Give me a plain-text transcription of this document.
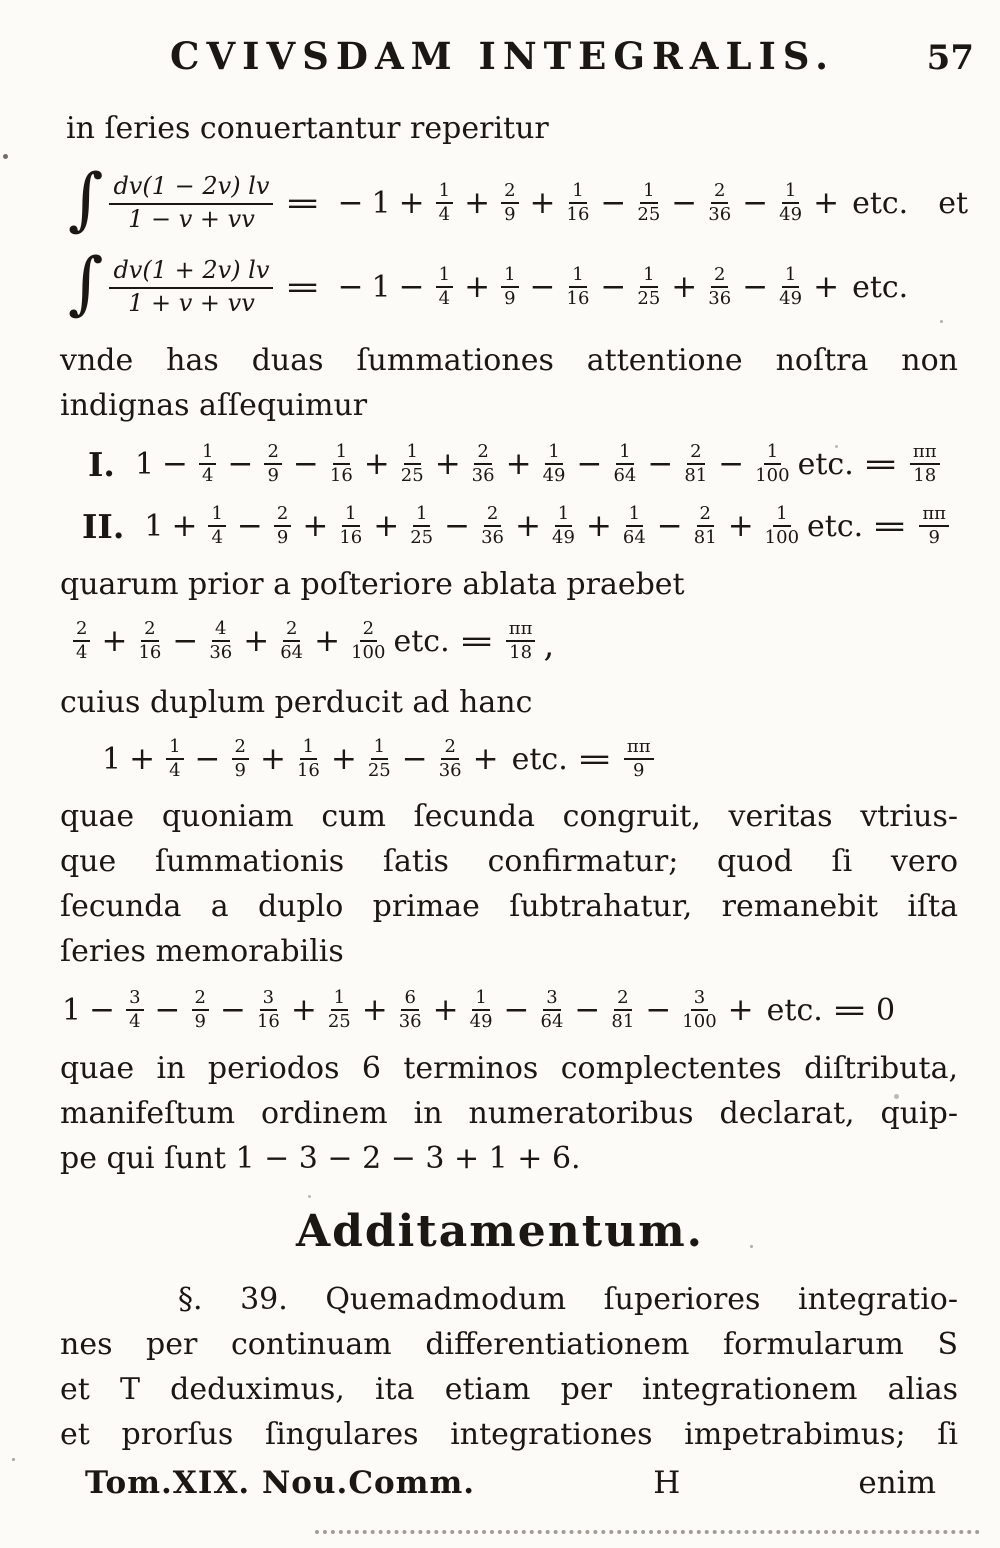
CVIVSDAM INTEGRALIS.	57
in ſeries conuertantur reperitur
∫ $\frac{dv(1 - 2v) lv}{1 - v + vv}$ = − $1 + \frac{1}{4} + \frac{2}{9} + \frac{1}{16} - \frac{1}{25} - \frac{2}{36} - \frac{1}{49}$ + etc. et
∫ $\frac{dv(1 + 2v) lv}{1 + v + vv}$ = − $1 - \frac{1}{4} + \frac{1}{9} - \frac{1}{16} - \frac{1}{25} + \frac{2}{36} - \frac{1}{49}$ + etc.
vnde has duas ſummationes attentione noſtra non
indignas aſſequimur
I. $1 - \frac{1}{4} - \frac{2}{9} - \frac{1}{16} + \frac{1}{25} + \frac{2}{36} + \frac{1}{49} - \frac{1}{64} - \frac{2}{81} - \frac{1}{100}$ etc. = $\frac{\pi\pi}{18}$
II. $1 + \frac{1}{4} - \frac{2}{9} + \frac{1}{16} + \frac{1}{25} - \frac{2}{36} + \frac{1}{49} + \frac{1}{64} - \frac{2}{81} + \frac{1}{100}$ etc. = $\frac{\pi\pi}{9}$
quarum prior a poſteriore ablata praebet
$\frac{2}{4} + \frac{2}{16} - \frac{4}{36} + \frac{2}{64} + \frac{2}{100}$ etc. = $\frac{\pi\pi}{18}$ ,
cuius duplum perducit ad hanc
$1 + \frac{1}{4} - \frac{2}{9} + \frac{1}{16} + \frac{1}{25} - \frac{2}{36}$ + etc. = $\frac{\pi\pi}{9}$
quae quoniam cum ſecunda congruit, veritas vtrius-
que ſummationis ſatis confirmatur; quod ſi vero
ſecunda a duplo primae ſubtrahatur, remanebit iſta
ſeries memorabilis
$1 - \frac{3}{4} - \frac{2}{9} - \frac{3}{16} + \frac{1}{25} + \frac{6}{36} + \frac{1}{49} - \frac{3}{64} - \frac{2}{81} - \frac{3}{100}$ + etc. = 0
quae in periodos 6 terminos complectentes diſtributa,
manifeſtum ordinem in numeratoribus declarat, quip-
pe qui ſunt 1 − 3 − 2 − 3 + 1 + 6.
Additamentum.
§. 39. Quemadmodum ſuperiores integratio-
nes per continuam differentiationem formularum S
et T deduximus, ita etiam per integrationem alias
et prorſus ſingulares integrationes impetrabimus; ſi
Tom.XIX. Nou.Comm.	H	enim
